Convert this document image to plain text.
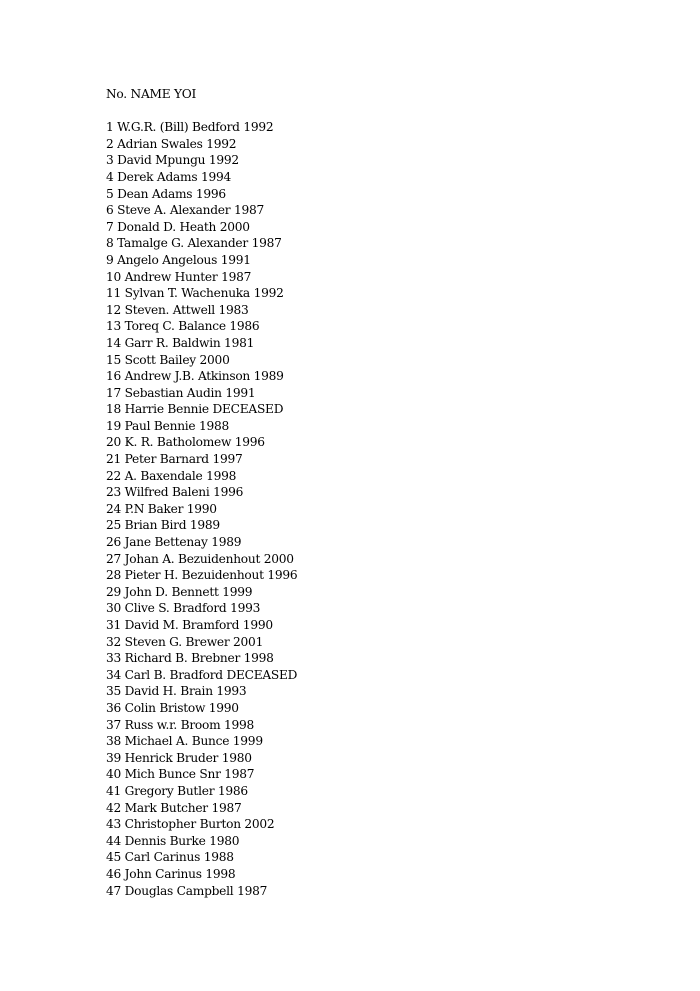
No. NAME YOI
1 W.G.R. (Bill) Bedford 1992
2 Adrian Swales 1992
3 David Mpungu 1992
4 Derek Adams 1994
5 Dean Adams 1996
6 Steve A. Alexander 1987
7 Donald D. Heath 2000
8 Tamalge G. Alexander 1987
9 Angelo Angelous 1991
10 Andrew Hunter 1987
11 Sylvan T. Wachenuka 1992
12 Steven. Attwell 1983
13 Toreq C. Balance 1986
14 Garr R. Baldwin 1981
15 Scott Bailey 2000
16 Andrew J.B. Atkinson 1989
17 Sebastian Audin 1991
18 Harrie Bennie DECEASED
19 Paul Bennie 1988
20 K. R. Batholomew 1996
21 Peter Barnard 1997
22 A. Baxendale 1998
23 Wilfred Baleni 1996
24 P.N Baker 1990
25 Brian Bird 1989
26 Jane Bettenay 1989
27 Johan A. Bezuidenhout 2000
28 Pieter H. Bezuidenhout 1996
29 John D. Bennett 1999
30 Clive S. Bradford 1993
31 David M. Bramford 1990
32 Steven G. Brewer 2001
33 Richard B. Brebner 1998
34 Carl B. Bradford DECEASED
35 David H. Brain 1993
36 Colin Bristow 1990
37 Russ w.r. Broom 1998
38 Michael A. Bunce 1999
39 Henrick Bruder 1980
40 Mich Bunce Snr 1987
41 Gregory Butler 1986
42 Mark Butcher 1987
43 Christopher Burton 2002
44 Dennis Burke 1980
45 Carl Carinus 1988
46 John Carinus 1998
47 Douglas Campbell 1987
